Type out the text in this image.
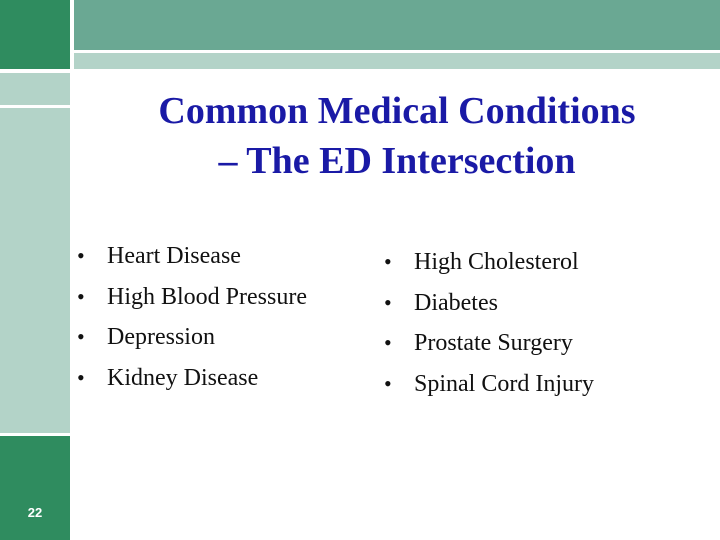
22
Common Medical Conditions
– The ED Intersection
• Heart Disease
• High Blood Pressure
• Depression
• Kidney Disease
• High Cholesterol
• Diabetes
• Prostate Surgery
• Spinal Cord Injury
